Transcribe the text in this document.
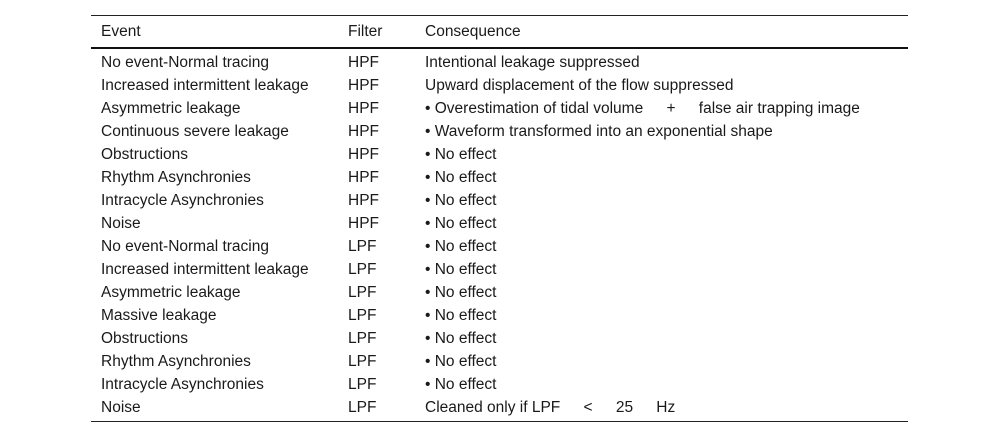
Event	Filter	Consequence
No event-Normal tracing	HPF	Intentional leakage suppressed
Increased intermittent leakage	HPF	Upward displacement of the flow suppressed
Asymmetric leakage	HPF	• Overestimation of tidal volume  +  false air trapping image
Continuous severe leakage	HPF	• Waveform transformed into an exponential shape
Obstructions	HPF	• No effect
Rhythm Asynchronies	HPF	• No effect
Intracycle Asynchronies	HPF	• No effect
Noise	HPF	• No effect
No event-Normal tracing	LPF	• No effect
Increased intermittent leakage	LPF	• No effect
Asymmetric leakage	LPF	• No effect
Massive leakage	LPF	• No effect
Obstructions	LPF	• No effect
Rhythm Asynchronies	LPF	• No effect
Intracycle Asynchronies	LPF	• No effect
Noise	LPF	Cleaned only if LPF  <  25  Hz
